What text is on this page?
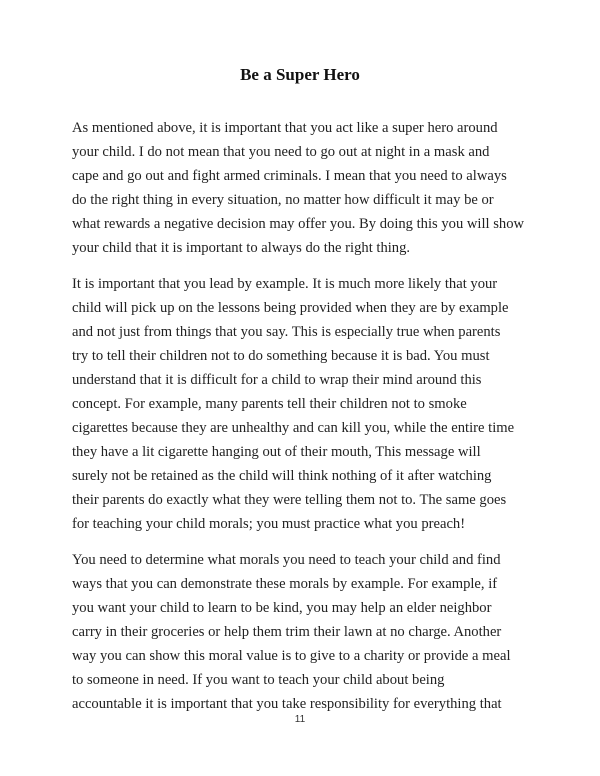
Be a Super Hero

As mentioned above, it is important that you act like a super hero around
your child. I do not mean that you need to go out at night in a mask and
cape and go out and fight armed criminals. I mean that you need to always
do the right thing in every situation, no matter how difficult it may be or
what rewards a negative decision may offer you. By doing this you will show
your child that it is important to always do the right thing.

It is important that you lead by example. It is much more likely that your
child will pick up on the lessons being provided when they are by example
and not just from things that you say. This is especially true when parents
try to tell their children not to do something because it is bad. You must
understand that it is difficult for a child to wrap their mind around this
concept. For example, many parents tell their children not to smoke
cigarettes because they are unhealthy and can kill you, while the entire time
they have a lit cigarette hanging out of their mouth, This message will
surely not be retained as the child will think nothing of it after watching
their parents do exactly what they were telling them not to. The same goes
for teaching your child morals; you must practice what you preach!

You need to determine what morals you need to teach your child and find
ways that you can demonstrate these morals by example. For example, if
you want your child to learn to be kind, you may help an elder neighbor
carry in their groceries or help them trim their lawn at no charge. Another
way you can show this moral value is to give to a charity or provide a meal
to someone in need. If you want to teach your child about being
accountable it is important that you take responsibility for everything that

11
